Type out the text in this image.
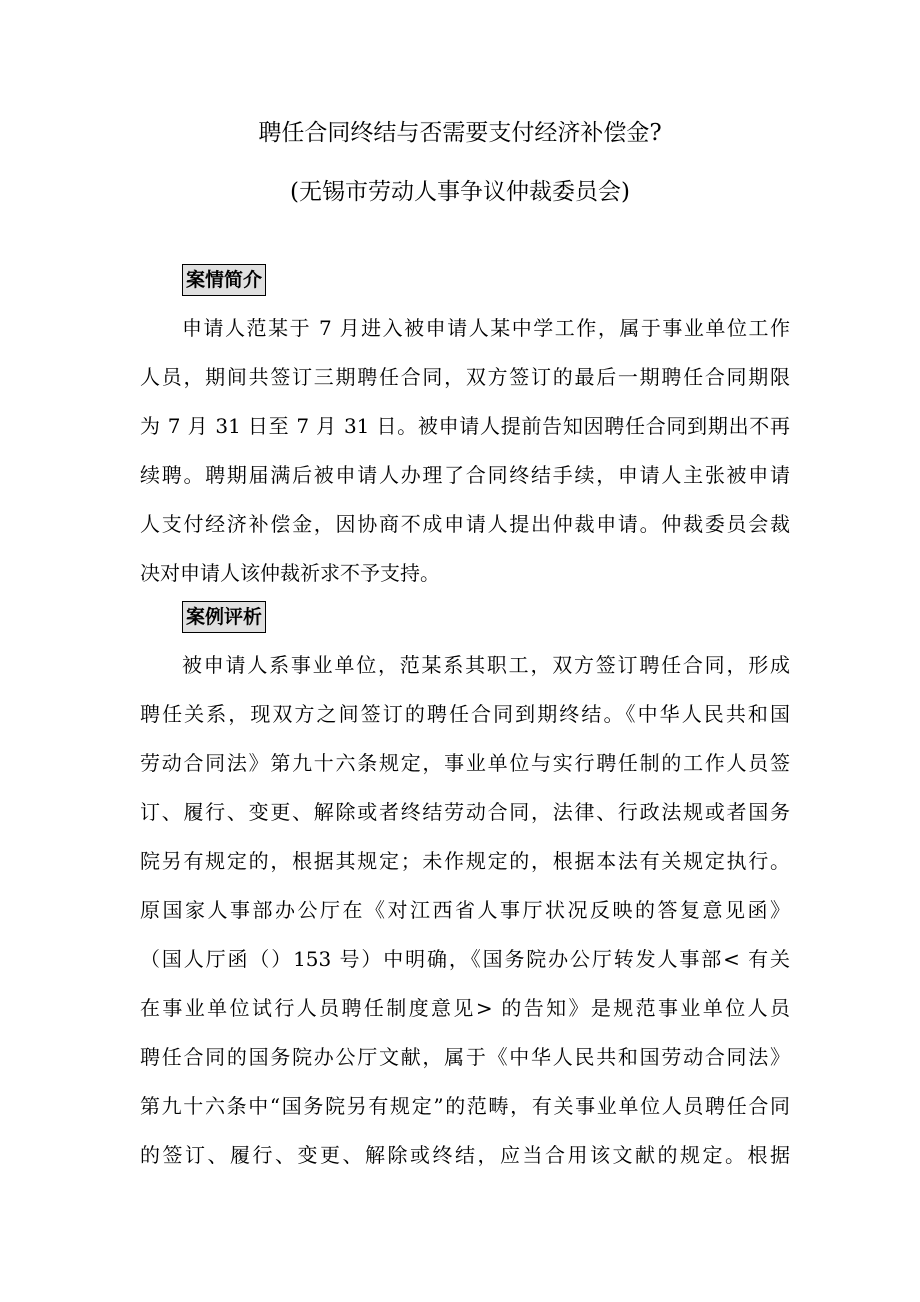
聘任合同终结与否需要支付经济补偿金?
(无锡市劳动人事争议仲裁委员会)
案情简介
申请人范某于 7 月进入被申请人某中学工作，属于事业单位工作
人员，期间共签订三期聘任合同，双方签订的最后一期聘任合同期限
为 7 月 31 日至 7 月 31 日。被申请人提前告知因聘任合同到期出不再
续聘。聘期届满后被申请人办理了合同终结手续，申请人主张被申请
人支付经济补偿金，因协商不成申请人提出仲裁申请。仲裁委员会裁
决对申请人该仲裁祈求不予支持。
案例评析
被申请人系事业单位，范某系其职工，双方签订聘任合同，形成
聘任关系，现双方之间签订的聘任合同到期终结。《中华人民共和国
劳动合同法》第九十六条规定，事业单位与实行聘任制的工作人员签
订、履行、变更、解除或者终结劳动合同，法律、行政法规或者国务
院另有规定的，根据其规定；未作规定的，根据本法有关规定执行。
原国家人事部办公厅在《对江西省人事厅状况反映的答复意见函》
（国人厅函（）153 号）中明确，《国务院办公厅转发人事部< 有关
在事业单位试行人员聘任制度意见> 的告知》是规范事业单位人员
聘任合同的国务院办公厅文献，属于《中华人民共和国劳动合同法》
第九十六条中“国务院另有规定”的范畴，有关事业单位人员聘任合同
的签订、履行、变更、解除或终结，应当合用该文献的规定。根据
